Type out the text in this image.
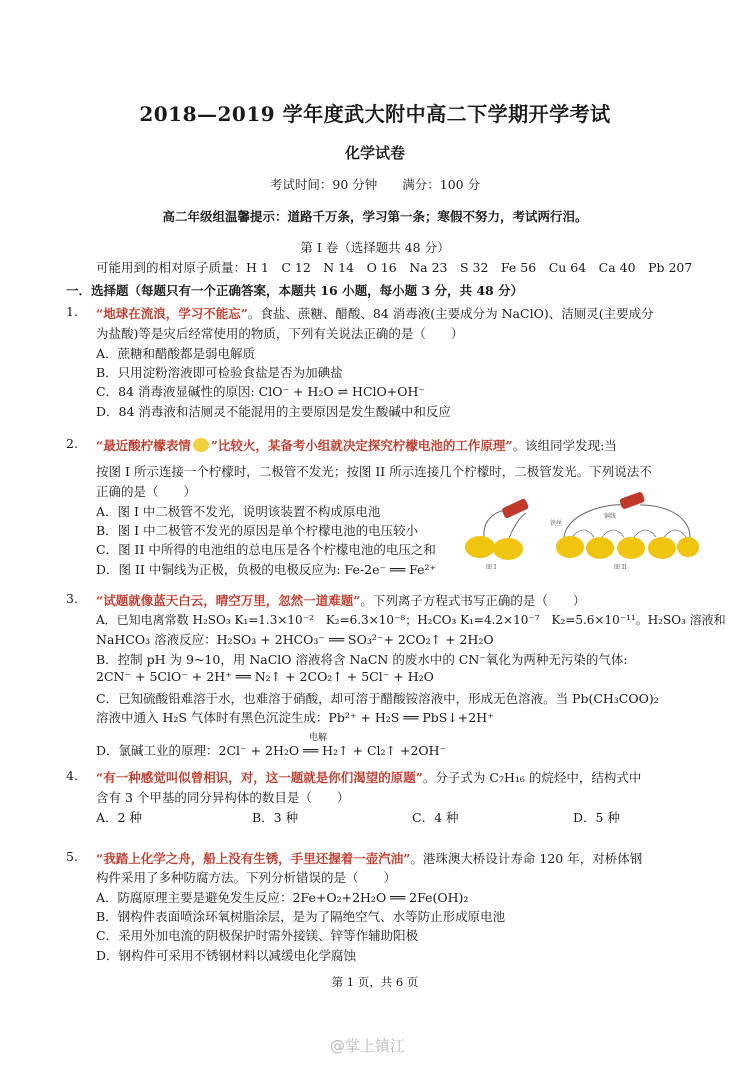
2018—2019 学年度武大附中高二下学期开学考试
化学试卷
考试时间：90 分钟　　满分：100 分
高二年级组温馨提示：道路千万条，学习第一条；寒假不努力，考试两行泪。
第 I 卷（选择题共 48 分）
可能用到的相对原子质量：H 1　C 12　N 14　O 16　Na 23　S 32　Fe 56　Cu 64　Ca 40　Pb 207
一．选择题（每题只有一个正确答案，本题共 16 小题，每小题 3 分，共 48 分）
1. “地球在流浪，学习不能忘”。食盐、蔗糖、醋酸、84 消毒液(主要成分为 NaClO)、洁厕灵(主要成分
为盐酸)等是灾后经常使用的物质，下列有关说法正确的是（　　）
A．蔗糖和醋酸都是弱电解质
B．只用淀粉溶液即可检验食盐是否为加碘盐
C．84 消毒液显碱性的原因: ClO⁻ + H₂O ⇌ HClO+OH⁻
D．84 消毒液和洁厕灵不能混用的主要原因是发生酸碱中和反应
2. “最近酸柠檬表情 ”比较火，某备考小组就决定探究柠檬电池的工作原理”。该组同学发现:当
按图 I 所示连接一个柠檬时，二极管不发光；按图 II 所示连接几个柠檬时，二极管发光。下列说法不
正确的是（　　）
A．图 I 中二极管不发光，说明该装置不构成原电池
B．图 I 中二极管不发光的原因是单个柠檬电池的电压较小
C．图 II 中所得的电池组的总电压是各个柠檬电池的电压之和
D．图 II 中铜线为正极，负极的电极反应为: Fe-2e⁻ ══ Fe²⁺	图 I
铜线
铁丝
图 II
3. “试题就像蓝天白云，晴空万里，忽然一道难题”。下列离子方程式书写正确的是（　　）
A．已知电离常数 H₂SO₃ K₁=1.3×10⁻²　K₂=6.3×10⁻⁸；H₂CO₃ K₁=4.2×10⁻⁷　K₂=5.6×10⁻¹¹。H₂SO₃ 溶液和
NaHCO₃ 溶液反应：H₂SO₃ + 2HCO₃⁻ ══ SO₃²⁻+ 2CO₂↑ + 2H₂O
B．控制 pH 为 9~10，用 NaClO 溶液将含 NaCN 的废水中的 CN⁻氧化为两种无污染的气体:
2CN⁻ + 5ClO⁻ + 2H⁺ ══ N₂↑ + 2CO₂↑ + 5Cl⁻ + H₂O
C．已知硫酸铅难溶于水，也难溶于硝酸，却可溶于醋酸铵溶液中，形成无色溶液。当 Pb(CH₃COO)₂
溶液中通入 H₂S 气体时有黑色沉淀生成：Pb²⁺ + H₂S ══ PbS↓+2H⁺
电解
D．氯碱工业的原理：2Cl⁻ + 2H₂O ══ H₂↑ + Cl₂↑ +2OH⁻
4. “有一种感觉叫似曾相识，对，这一题就是你们渴望的原题”。分子式为 C₇H₁₆ 的烷烃中，结构式中
含有 3 个甲基的同分异构体的数目是（　　）
A．2 种	B．3 种	C．4 种	D．5 种
5. “我踏上化学之舟，船上没有生锈，手里还握着一壶汽油”。港珠澳大桥设计寿命 120 年，对桥体钢
构件采用了多种防腐方法。下列分析错误的是（　　）
A．防腐原理主要是避免发生反应：2Fe+O₂+2H₂O ══ 2Fe(OH)₂
B．钢构件表面喷涂环氧树脂涂层，是为了隔绝空气、水等防止形成原电池
C．采用外加电流的阴极保护时需外接镁、锌等作辅助阳极
D．钢构件可采用不锈钢材料以减缓电化学腐蚀
第 1 页，共 6 页
@掌上镇江
